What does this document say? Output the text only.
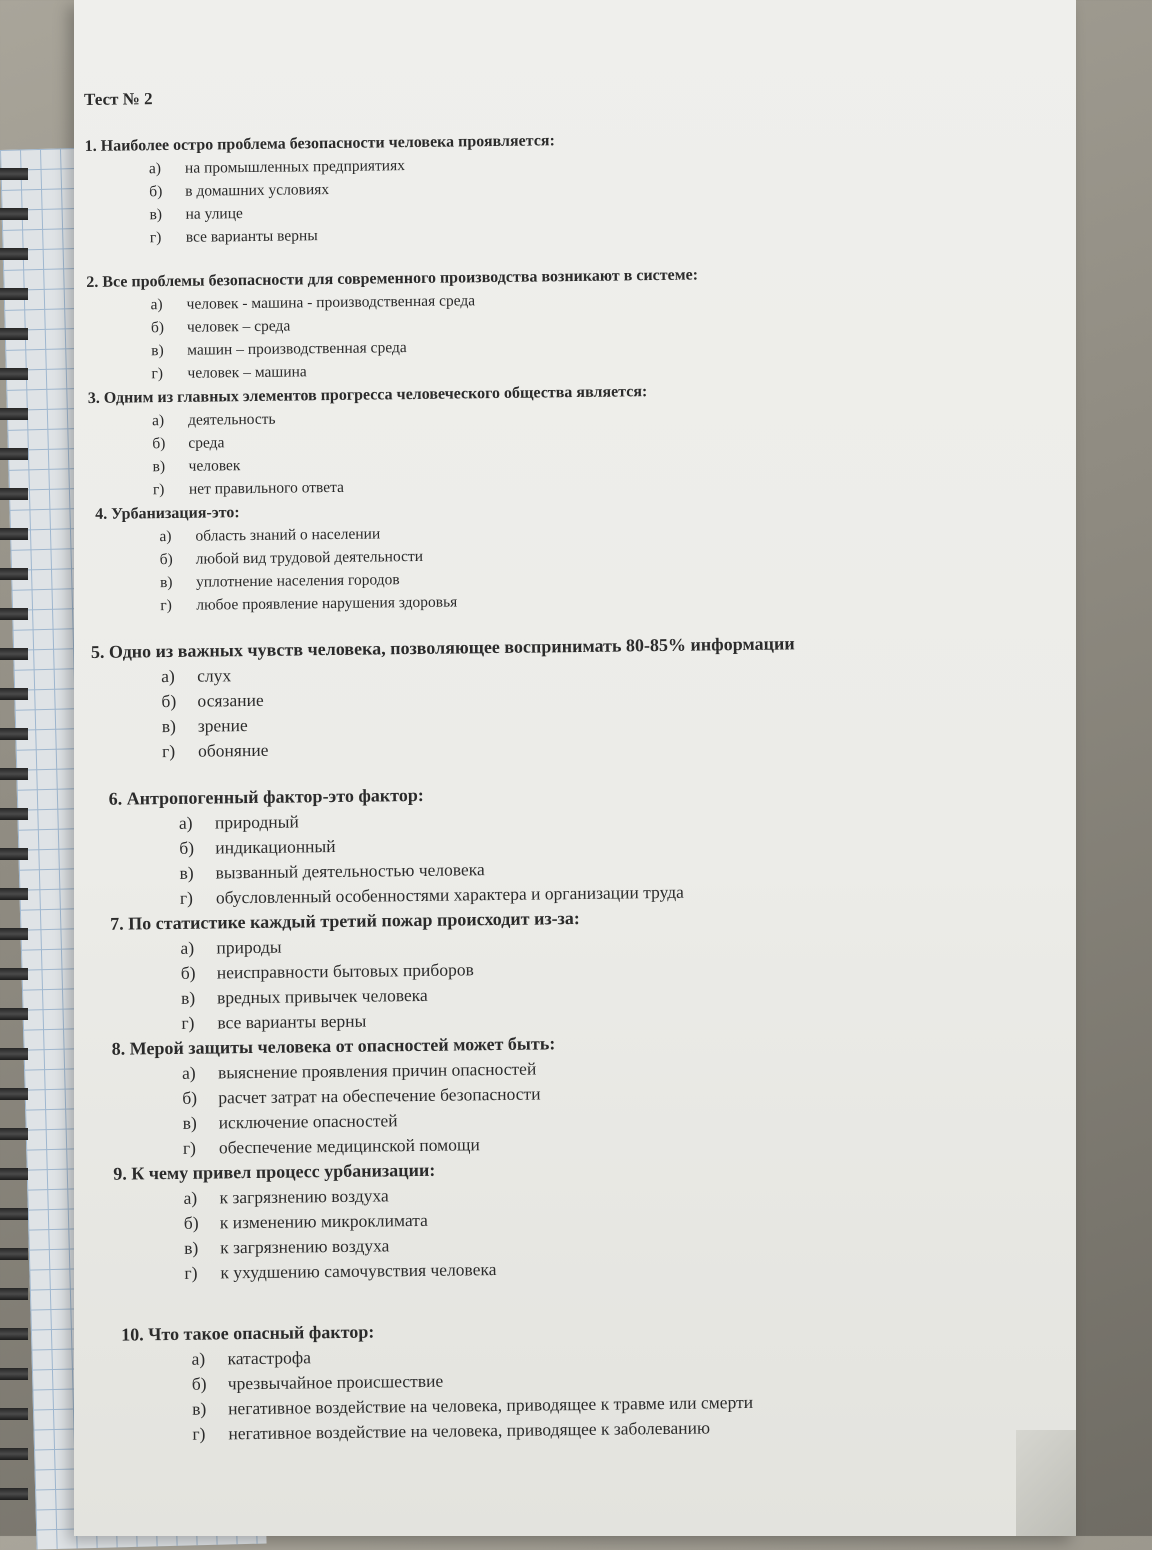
Тест № 2
1. Наиболее остро проблема безопасности человека проявляется:
а) на промышленных предприятиях
б) в домашних условиях
в) на улице
г) все варианты верны
2. Все проблемы безопасности для современного производства возникают в системе:
а) человек - машина - производственная среда
б) человек – среда
в) машин – производственная среда
г) человек – машина
3. Одним из главных элементов прогресса человеческого общества является:
а) деятельность
б) среда
в) человек
г) нет правильного ответа
4. Урбанизация-это:
а) область знаний о населении
б) любой вид трудовой деятельности
в) уплотнение населения городов
г) любое проявление нарушения здоровья
5. Одно из важных чувств человека, позволяющее воспринимать 80-85% информации
а) слух
б) осязание
в) зрение
г) обоняние
6. Антропогенный фактор-это фактор:
а) природный
б) индикационный
в) вызванный деятельностью человека
г) обусловленный особенностями характера и организации труда
7. По статистике каждый третий пожар происходит из-за:
а) природы
б) неисправности бытовых приборов
в) вредных привычек человека
г) все варианты верны
8. Мерой защиты человека от опасностей может быть:
а) выяснение проявления причин опасностей
б) расчет затрат на обеспечение безопасности
в) исключение опасностей
г) обеспечение медицинской помощи
9. К чему привел процесс урбанизации:
а) к загрязнению воздуха
б) к изменению микроклимата
в) к загрязнению воздуха
г) к ухудшению самочувствия человека
10. Что такое опасный фактор:
а) катастрофа
б) чрезвычайное происшествие
в) негативное воздействие на человека, приводящее к травме или смерти
г) негативное воздействие на человека, приводящее к заболеванию
